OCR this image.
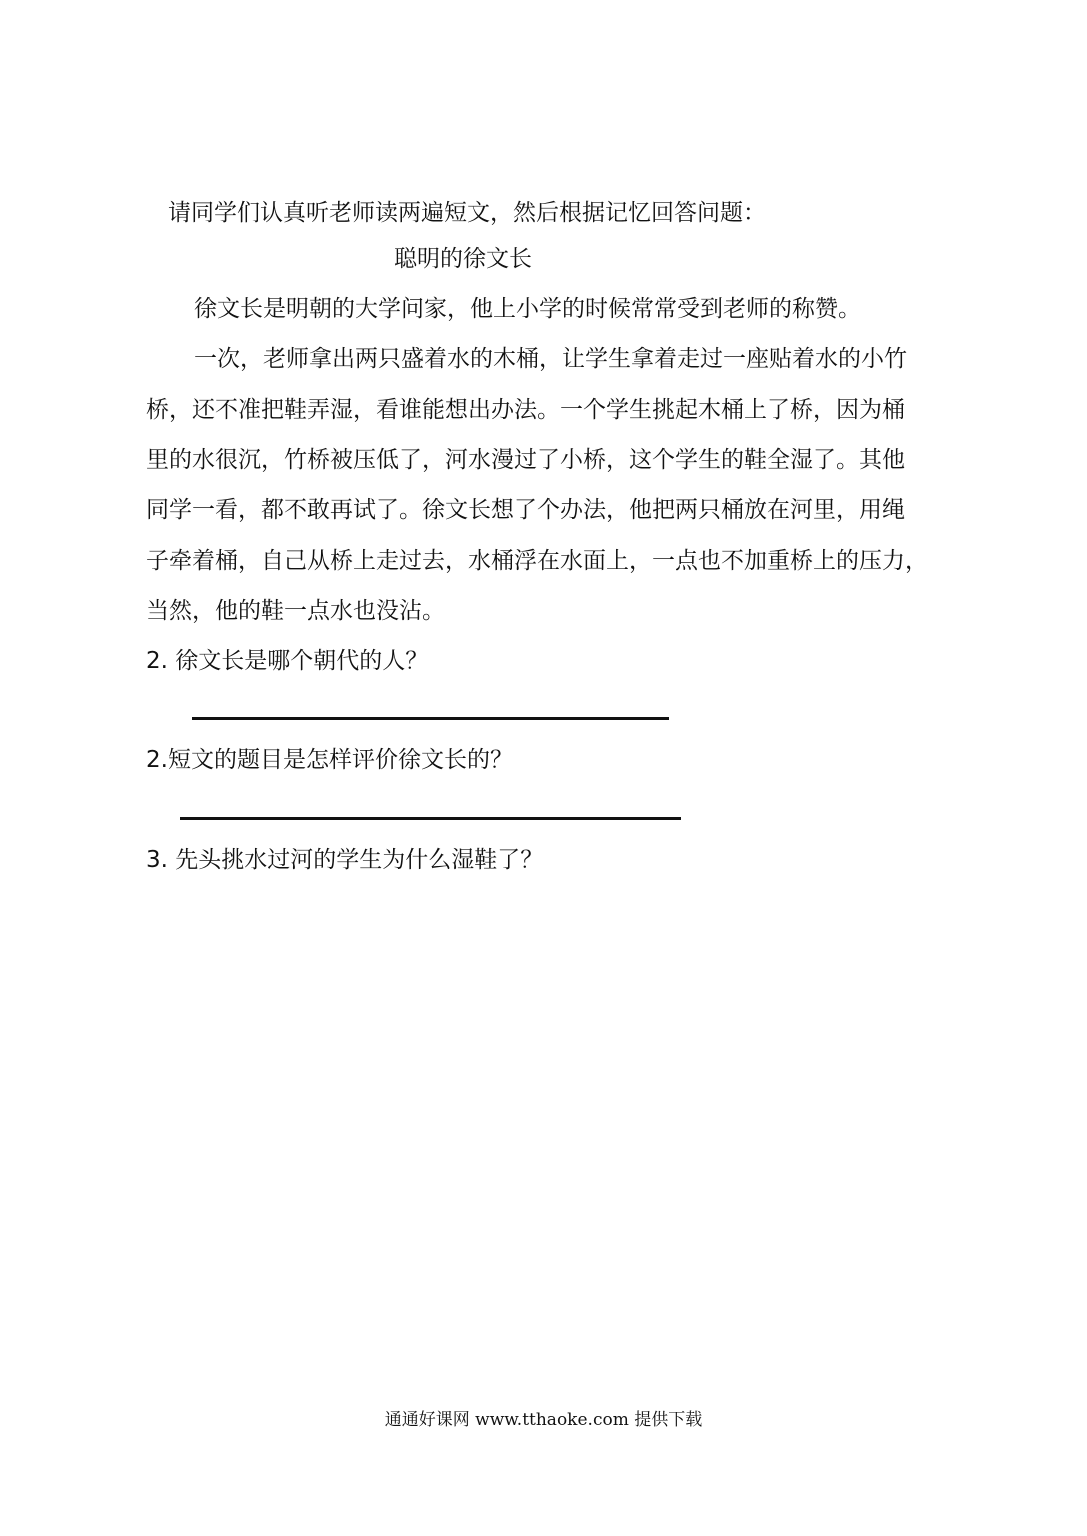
请同学们认真听老师读两遍短文，然后根据记忆回答问题：
聪明的徐文长
徐文长是明朝的大学问家，他上小学的时候常常受到老师的称赞。
一次，老师拿出两只盛着水的木桶，让学生拿着走过一座贴着水的小竹
桥，还不准把鞋弄湿，看谁能想出办法。一个学生挑起木桶上了桥，因为桶
里的水很沉，竹桥被压低了，河水漫过了小桥，这个学生的鞋全湿了。其他
同学一看，都不敢再试了。徐文长想了个办法，他把两只桶放在河里，用绳
子牵着桶，自己从桥上走过去，水桶浮在水面上，一点也不加重桥上的压力，
当然，他的鞋一点水也没沾。
2. 徐文长是哪个朝代的人？
2.短文的题目是怎样评价徐文长的？
3. 先头挑水过河的学生为什么湿鞋了？
通通好课网 www.tthaoke.com 提供下载
